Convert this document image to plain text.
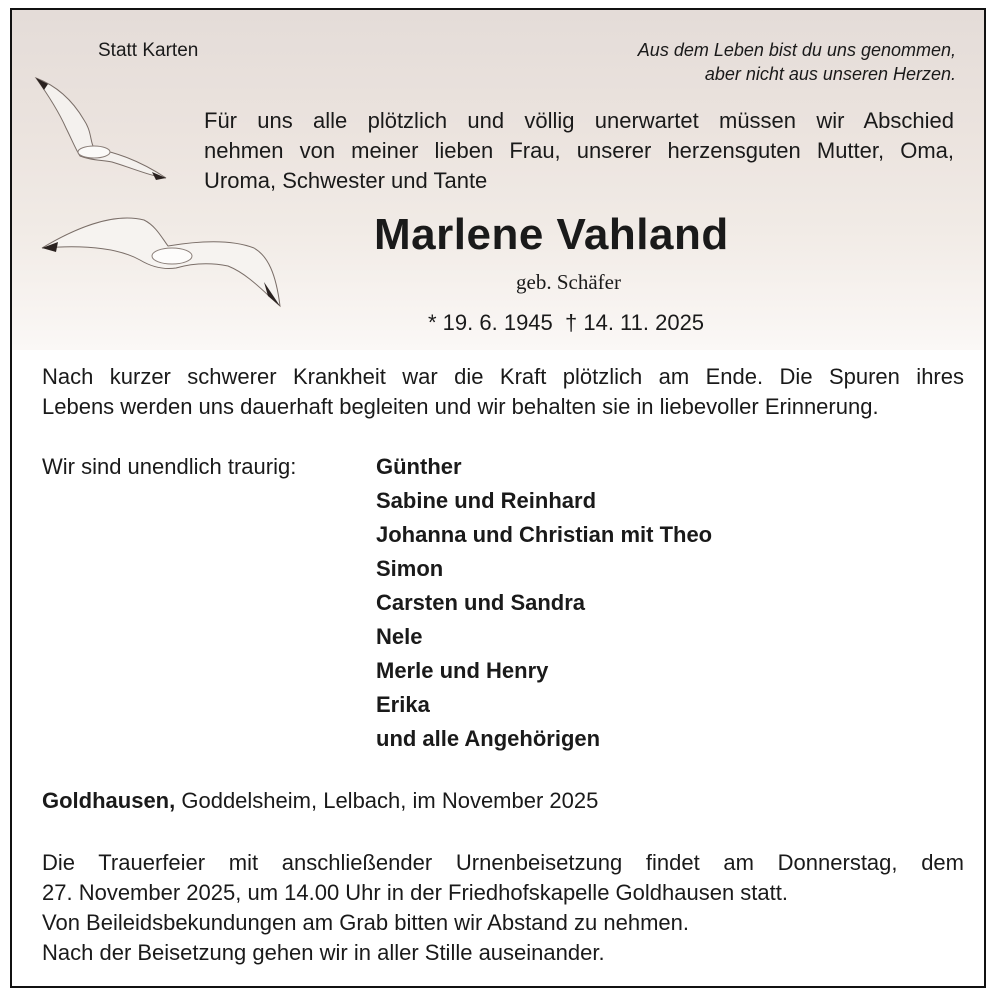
Statt Karten	Aus dem Leben bist du uns genommen,
aber nicht aus unseren Herzen.
Für uns alle plötzlich und völlig unerwartet müssen wir Abschied
nehmen von meiner lieben Frau, unserer herzensguten Mutter, Oma,
Uroma, Schwester und Tante
Marlene Vahland
geb. Schäfer
* 19. 6. 1945  † 14. 11. 2025
Nach kurzer schwerer Krankheit war die Kraft plötzlich am Ende. Die Spuren ihres
Lebens werden uns dauerhaft begleiten und wir behalten sie in liebevoller Erinnerung.
Wir sind unendlich traurig:	Günther
Sabine und Reinhard
Johanna und Christian mit Theo
Simon
Carsten und Sandra
Nele
Merle und Henry
Erika
und alle Angehörigen
Goldhausen, Goddelsheim, Lelbach, im November 2025
Die Trauerfeier mit anschließender Urnenbeisetzung findet am Donnerstag, dem
27. November 2025, um 14.00 Uhr in der Friedhofskapelle Goldhausen statt.
Von Beileidsbekundungen am Grab bitten wir Abstand zu nehmen.
Nach der Beisetzung gehen wir in aller Stille auseinander.
